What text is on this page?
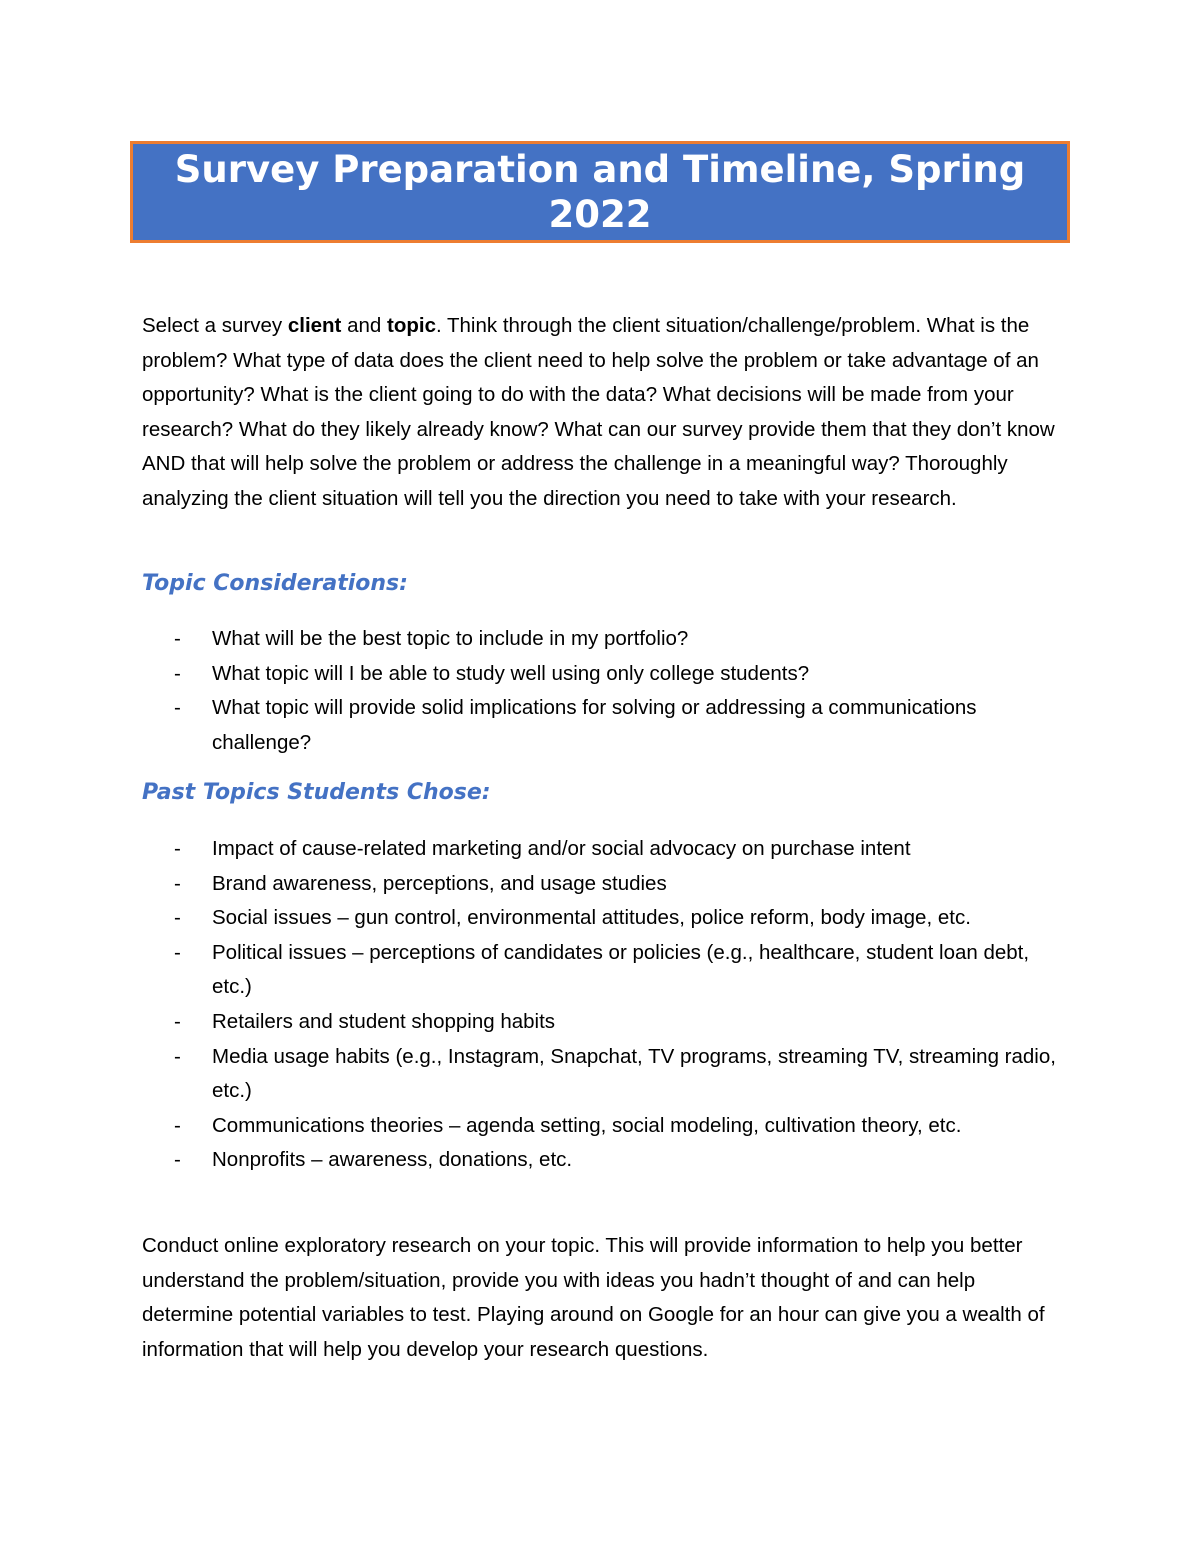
Survey Preparation and Timeline, Spring 2022

Select a survey client and topic. Think through the client situation/challenge/problem. What is the problem? What type of data does the client need to help solve the problem or take advantage of an opportunity? What is the client going to do with the data? What decisions will be made from your research? What do they likely already know? What can our survey provide them that they don’t know AND that will help solve the problem or address the challenge in a meaningful way? Thoroughly analyzing the client situation will tell you the direction you need to take with your research.

Topic Considerations:
- What will be the best topic to include in my portfolio?
- What topic will I be able to study well using only college students?
- What topic will provide solid implications for solving or addressing a communications challenge?
Past Topics Students Chose:
- Impact of cause-related marketing and/or social advocacy on purchase intent
- Brand awareness, perceptions, and usage studies
- Social issues – gun control, environmental attitudes, police reform, body image, etc.
- Political issues – perceptions of candidates or policies (e.g., healthcare, student loan debt, etc.)
- Retailers and student shopping habits
- Media usage habits (e.g., Instagram, Snapchat, TV programs, streaming TV, streaming radio, etc.)
- Communications theories – agenda setting, social modeling, cultivation theory, etc.
- Nonprofits – awareness, donations, etc.

Conduct online exploratory research on your topic. This will provide information to help you better understand the problem/situation, provide you with ideas you hadn’t thought of and can help determine potential variables to test. Playing around on Google for an hour can give you a wealth of information that will help you develop your research questions.
